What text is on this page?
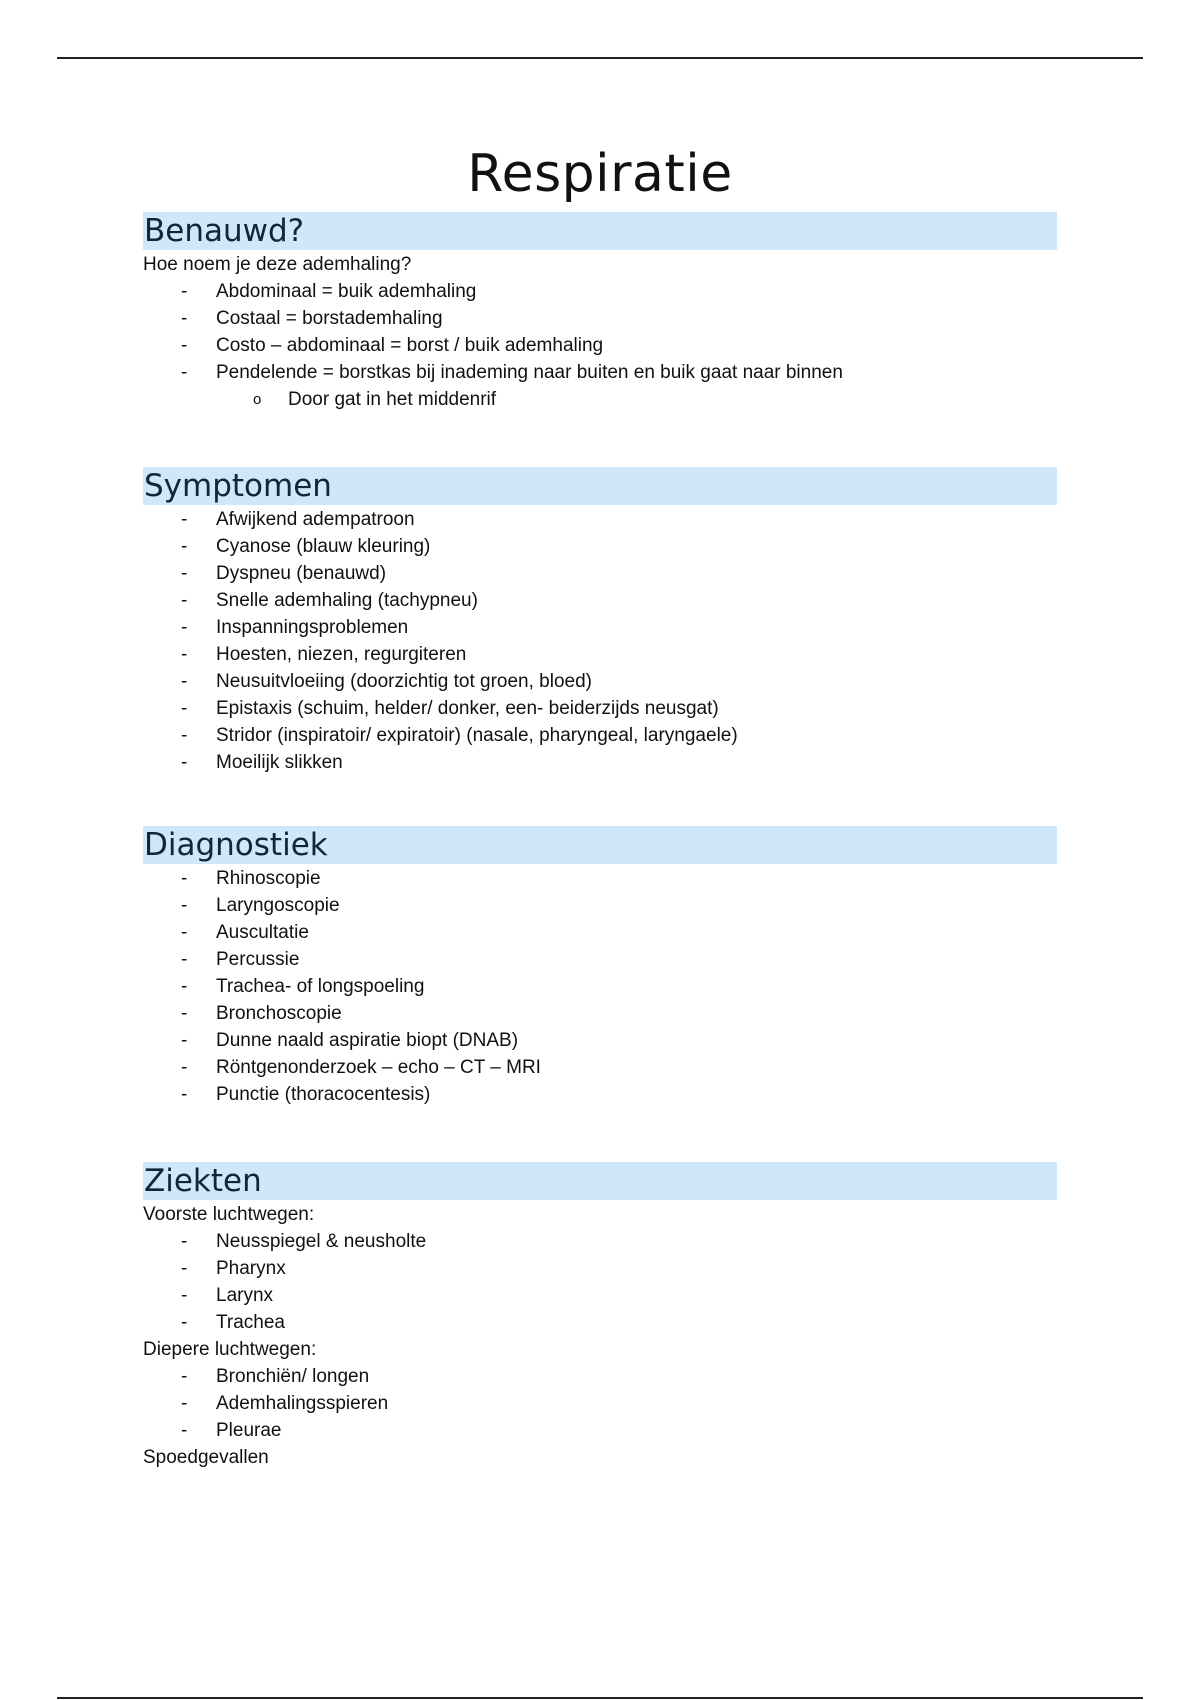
Respiratie
Benauwd?
Hoe noem je deze ademhaling?
-	Abdominaal = buik ademhaling
-	Costaal = borstademhaling
-	Costo – abdominaal = borst / buik ademhaling
-	Pendelende = borstkas bij inademing naar buiten en buik gaat naar binnen
o Door gat in het middenrif
Symptomen
-	Afwijkend adempatroon
-	Cyanose (blauw kleuring)
-	Dyspneu (benauwd)
-	Snelle ademhaling (tachypneu)
-	Inspanningsproblemen
-	Hoesten, niezen, regurgiteren
-	Neusuitvloeiing (doorzichtig tot groen, bloed)
-	Epistaxis (schuim, helder/ donker, een- beiderzijds neusgat)
-	Stridor (inspiratoir/ expiratoir) (nasale, pharyngeal, laryngaele)
-	Moeilijk slikken
Diagnostiek
-	Rhinoscopie
-	Laryngoscopie
-	Auscultatie
-	Percussie
-	Trachea- of longspoeling
-	Bronchoscopie
-	Dunne naald aspiratie biopt (DNAB)
-	Röntgenonderzoek – echo – CT – MRI
-	Punctie (thoracocentesis)
Ziekten
Voorste luchtwegen:
-	Neusspiegel & neusholte
-	Pharynx
-	Larynx
-	Trachea
Diepere luchtwegen:
-	Bronchiën/ longen
-	Ademhalingsspieren
-	Pleurae
Spoedgevallen
